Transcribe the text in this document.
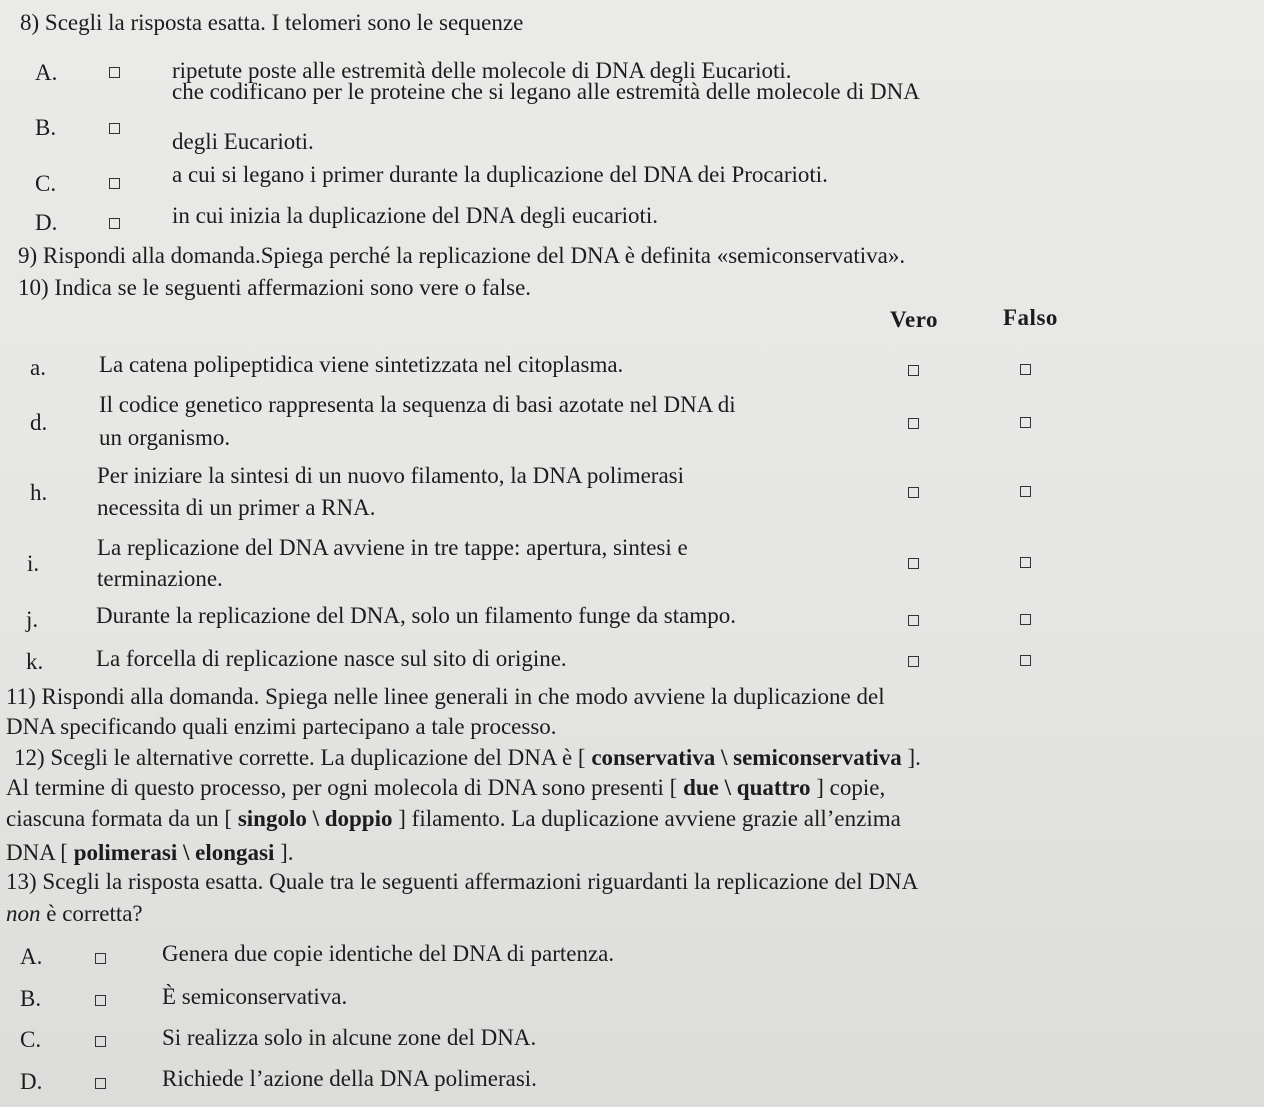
8) Scegli la risposta esatta. I telomeri sono le sequenze
A.	ripetute poste alle estremità delle molecole di DNA degli Eucarioti.
B.
che codificano per le proteine che si legano alle estremità delle molecole di DNA
degli Eucarioti.
C.	a cui si legano i primer durante la duplicazione del DNA dei Procarioti.
D.	in cui inizia la duplicazione del DNA degli eucarioti.
9) Rispondi alla domanda.Spiega perché la replicazione del DNA è definita «semiconservativa».
10) Indica se le seguenti affermazioni sono vere o false.
Vero	Falso
a. La catena polipeptidica viene sintetizzata nel citoplasma.
d.
Il codice genetico rappresenta la sequenza di basi azotate nel DNA di
un organismo.
h.
Per iniziare la sintesi di un nuovo filamento, la DNA polimerasi
necessita di un primer a RNA.
i.
La replicazione del DNA avviene in tre tappe: apertura, sintesi e
terminazione.
j.	Durante la replicazione del DNA, solo un filamento funge da stampo.
k. La forcella di replicazione nasce sul sito di origine.
11) Rispondi alla domanda. Spiega nelle linee generali in che modo avviene la duplicazione del
DNA specificando quali enzimi partecipano a tale processo.
12) Scegli le alternative corrette. La duplicazione del DNA è [ conservativa \ semiconservativa ].
Al termine di questo processo, per ogni molecola di DNA sono presenti [ due \ quattro ] copie,
ciascuna formata da un [ singolo \ doppio ] filamento. La duplicazione avviene grazie all’enzima
DNA [ polimerasi \ elongasi ].
13) Scegli la risposta esatta. Quale tra le seguenti affermazioni riguardanti la replicazione del DNA
non è corretta?
A.	Genera due copie identiche del DNA di partenza.
B.	È semiconservativa.
C.	Si realizza solo in alcune zone del DNA.
D.	Richiede l’azione della DNA polimerasi.
